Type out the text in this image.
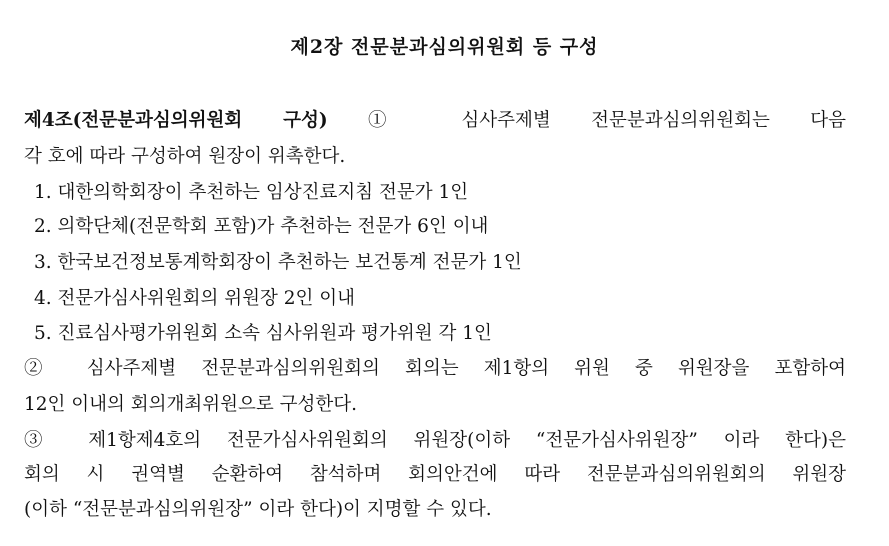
제2장 전문분과심의위원회 등 구성
제4조(전문분과심의위원회 구성) ① 심사주제별 전문분과심의위원회는 다음
각 호에 따라 구성하여 원장이 위촉한다.
1. 대한의학회장이 추천하는 임상진료지침 전문가 1인
2. 의학단체(전문학회 포함)가 추천하는 전문가 6인 이내
3. 한국보건정보통계학회장이 추천하는 보건통계 전문가 1인
4. 전문가심사위원회의 위원장 2인 이내
5. 진료심사평가위원회 소속 심사위원과 평가위원 각 1인
② 심사주제별 전문분과심의위원회의 회의는 제1항의 위원 중 위원장을 포함하여
12인 이내의 회의개최위원으로 구성한다.
③ 제1항제4호의 전문가심사위원회의 위원장(이하 “전문가심사위원장” 이라 한다)은
회의 시 권역별 순환하여 참석하며 회의안건에 따라 전문분과심의위원회의 위원장
(이하 “전문분과심의위원장” 이라 한다)이 지명할 수 있다.
